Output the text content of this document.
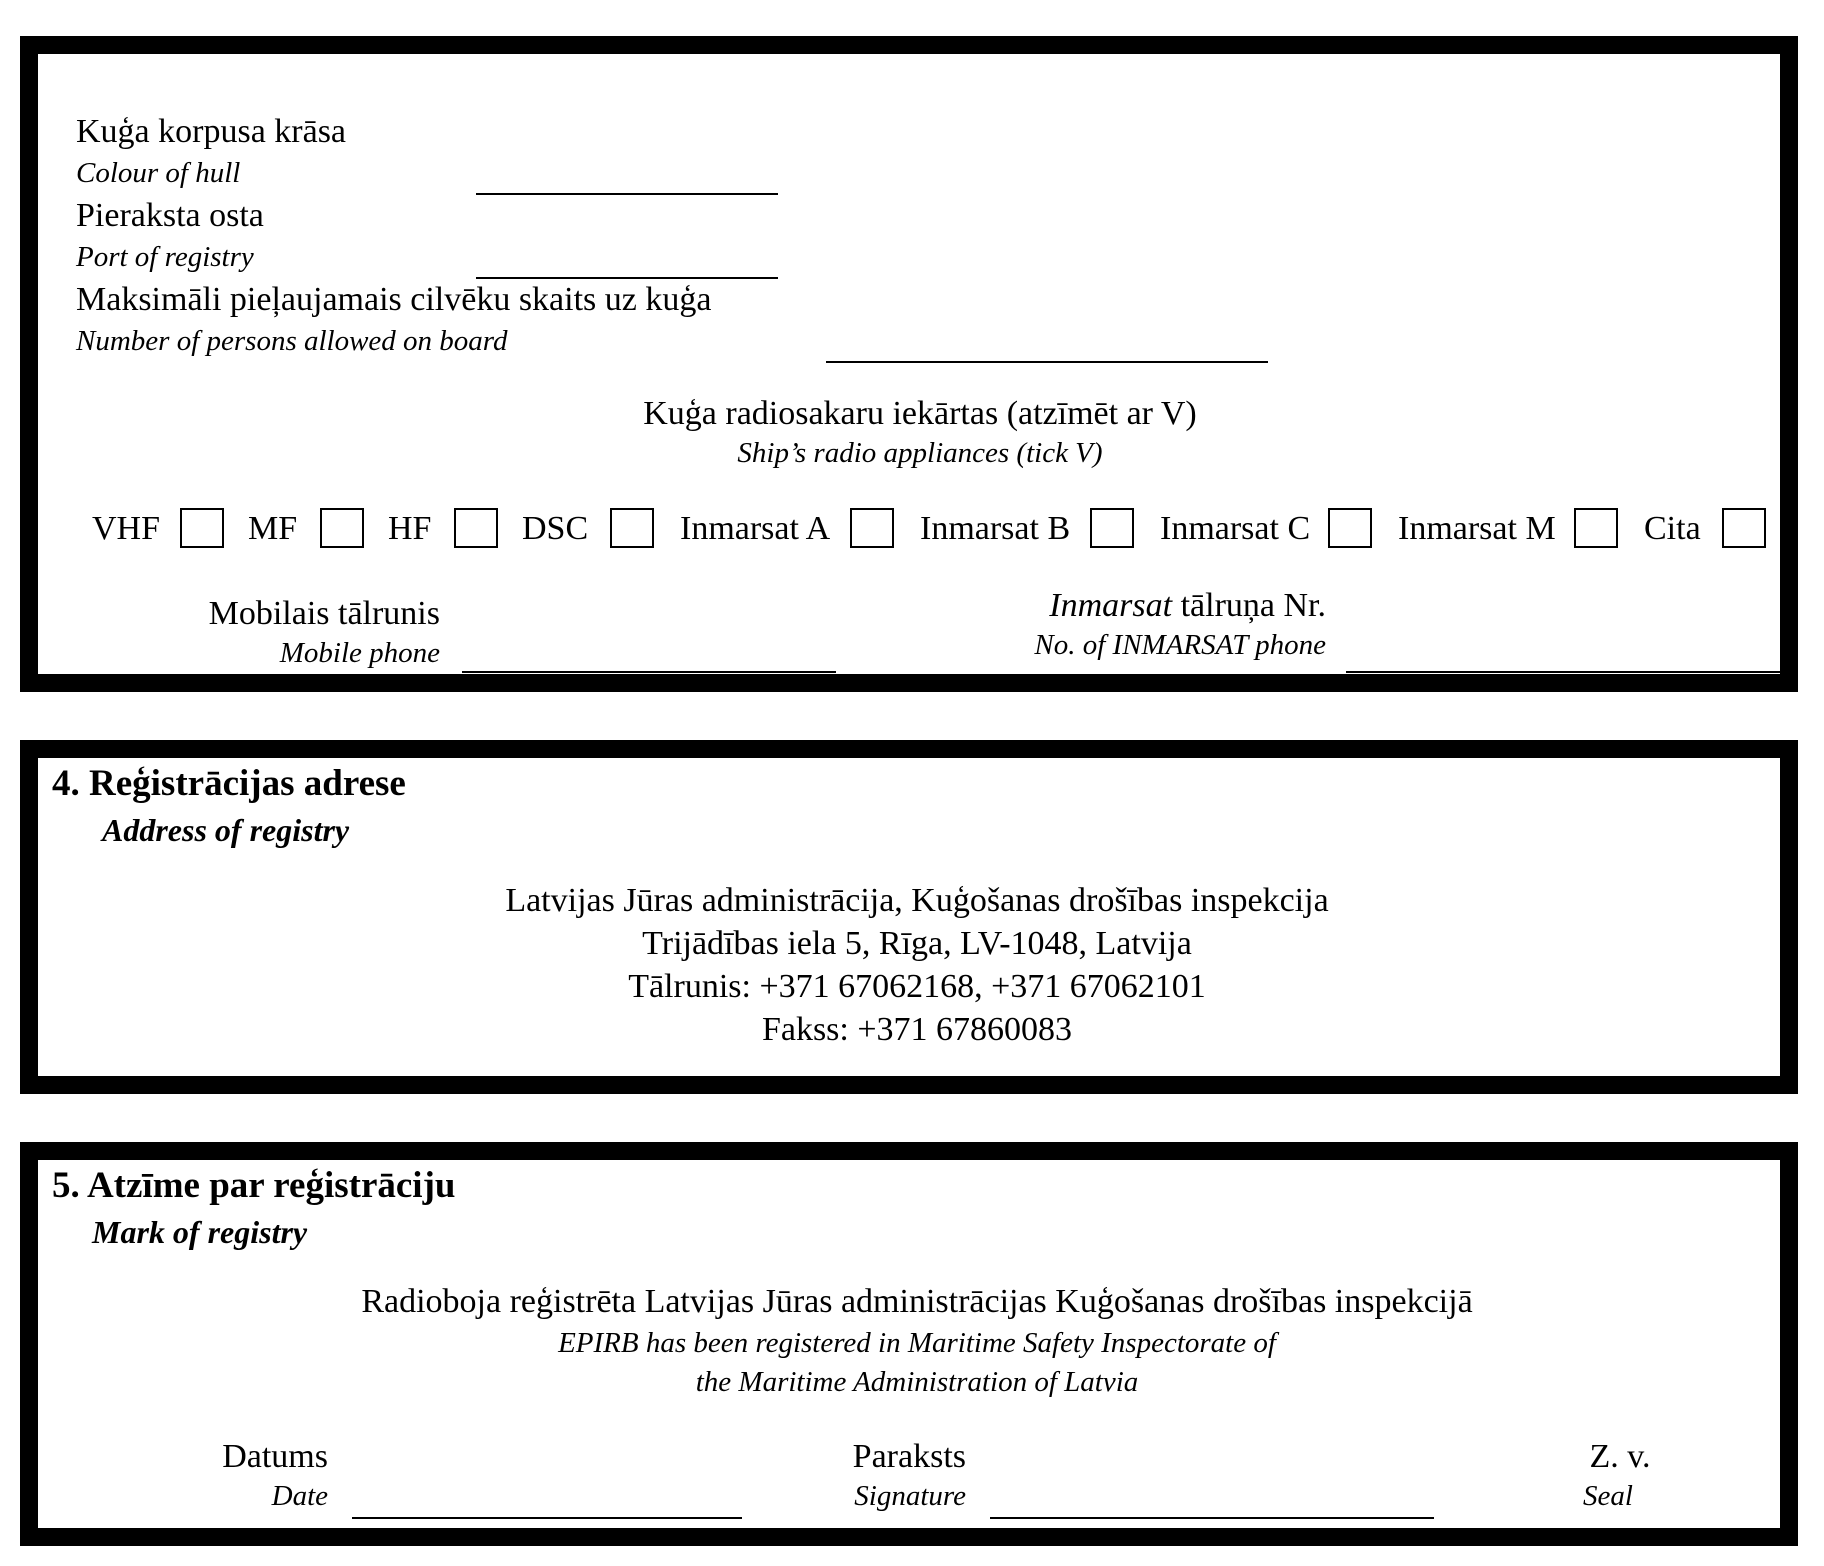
Kuģa korpusa krāsa
Colour of hull
Pieraksta osta
Port of registry
Maksimāli pieļaujamais cilvēku skaits uz kuģa
Number of persons allowed on board
Kuģa radiosakaru iekārtas (atzīmēt ar V)
Ship’s radio appliances (tick V)
VHF	MF	HF	DSC	Inmarsat A	Inmarsat B	Inmarsat C	Inmarsat M	Cita
Mobilais tālrunis
Mobile phone
Inmarsat tālruņa Nr.
No. of INMARSAT phone
4. Reģistrācijas adrese
Address of registry
Latvijas Jūras administrācija, Kuģošanas drošības inspekcija
Trijādības iela 5, Rīga, LV-1048, Latvija
Tālrunis: +371 67062168, +371 67062101
Fakss: +371 67860083
5. Atzīme par reģistrāciju
Mark of registry
Radioboja reģistrēta Latvijas Jūras administrācijas Kuģošanas drošības inspekcijā
EPIRB has been registered in Maritime Safety Inspectorate of
the Maritime Administration of Latvia
Datums
Date
Paraksts
Signature
Z. v.
Seal
